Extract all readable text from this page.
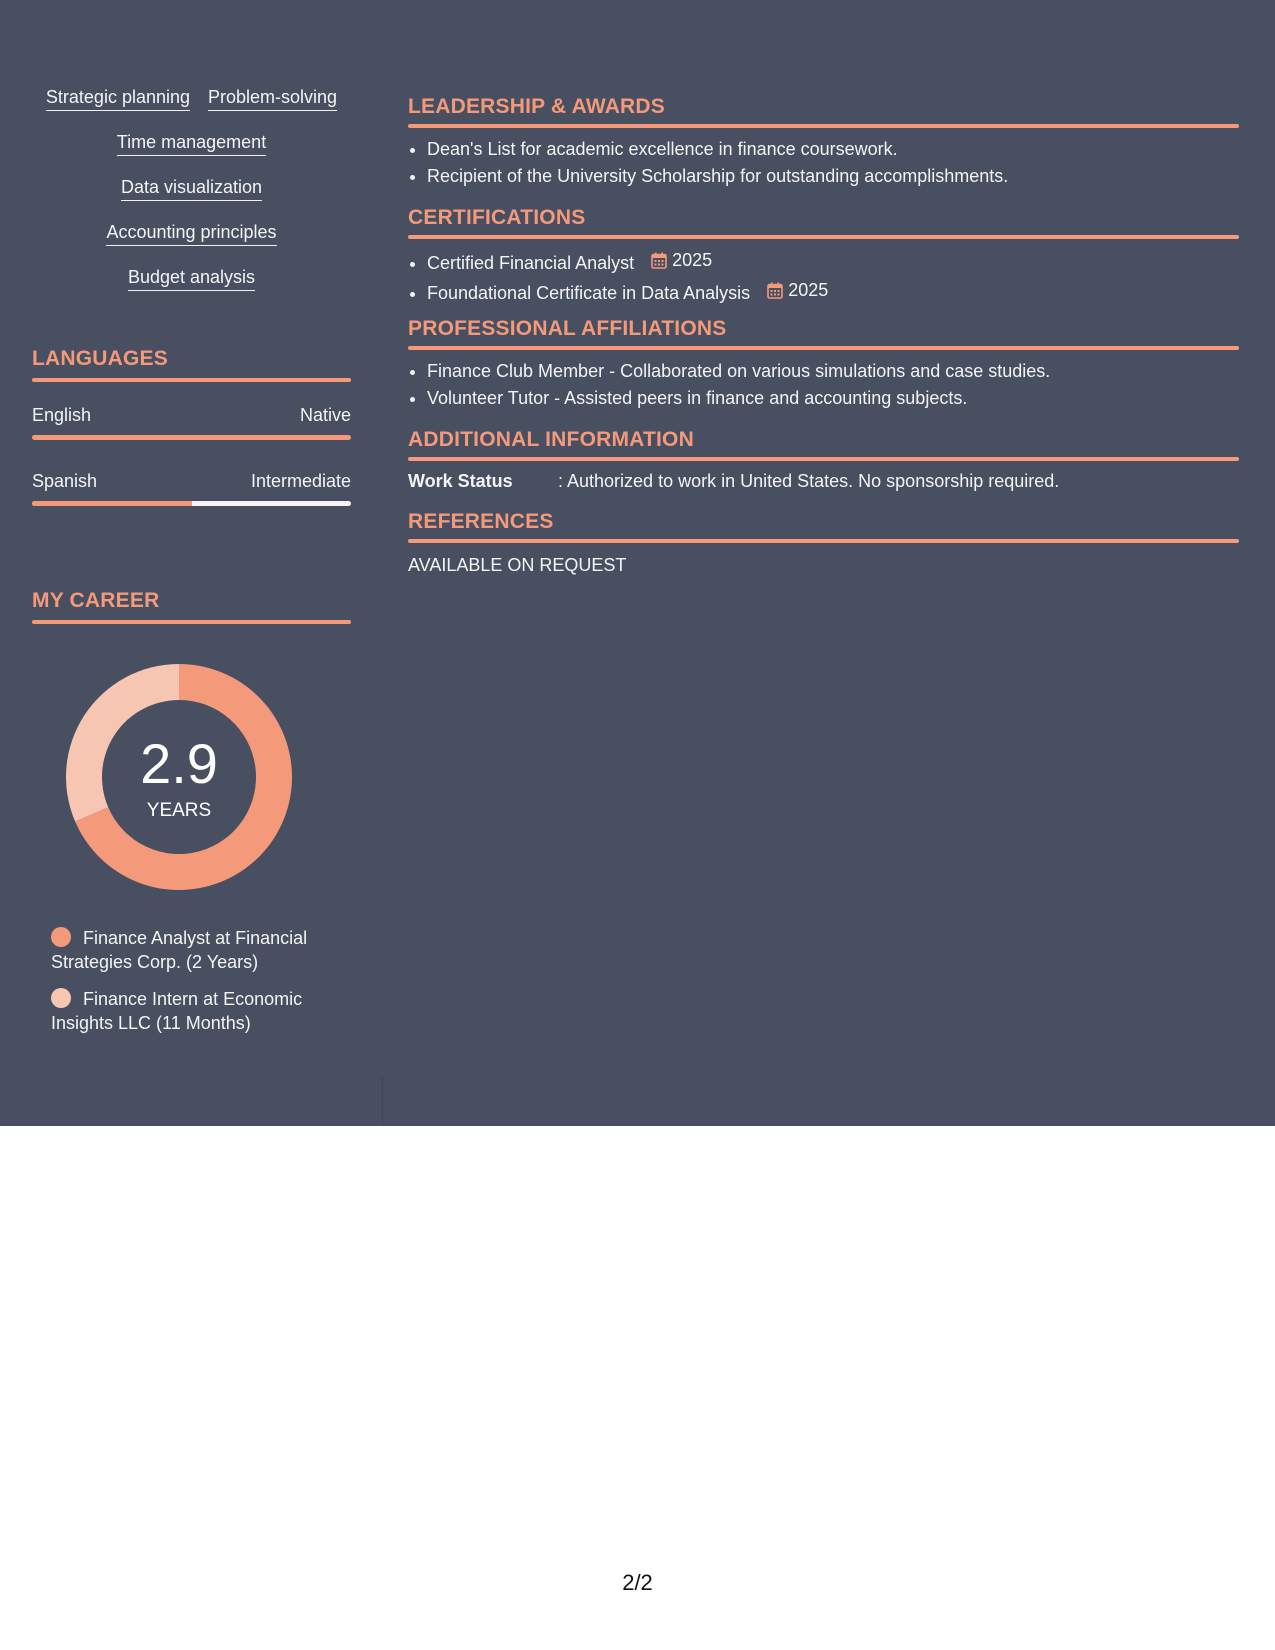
Strategic planning Problem-solving
Time management
Data visualization
Accounting principles
Budget analysis
LANGUAGES
English	Native
Spanish	Intermediate
MY CAREER
2.9
YEARS
Finance Analyst at Financial Strategies Corp. (2 Years)
Finance Intern at Economic Insights LLC (11 Months)
LEADERSHIP & AWARDS
• Dean's List for academic excellence in finance coursework.
• Recipient of the University Scholarship for outstanding accomplishments.
CERTIFICATIONS
• Certified Financial Analyst 2025
• Foundational Certificate in Data Analysis 2025
PROFESSIONAL AFFILIATIONS
• Finance Club Member - Collaborated on various simulations and case studies.
• Volunteer Tutor - Assisted peers in finance and accounting subjects.
ADDITIONAL INFORMATION
Work Status	: Authorized to work in United States. No sponsorship required.
REFERENCES
AVAILABLE ON REQUEST
2/2
